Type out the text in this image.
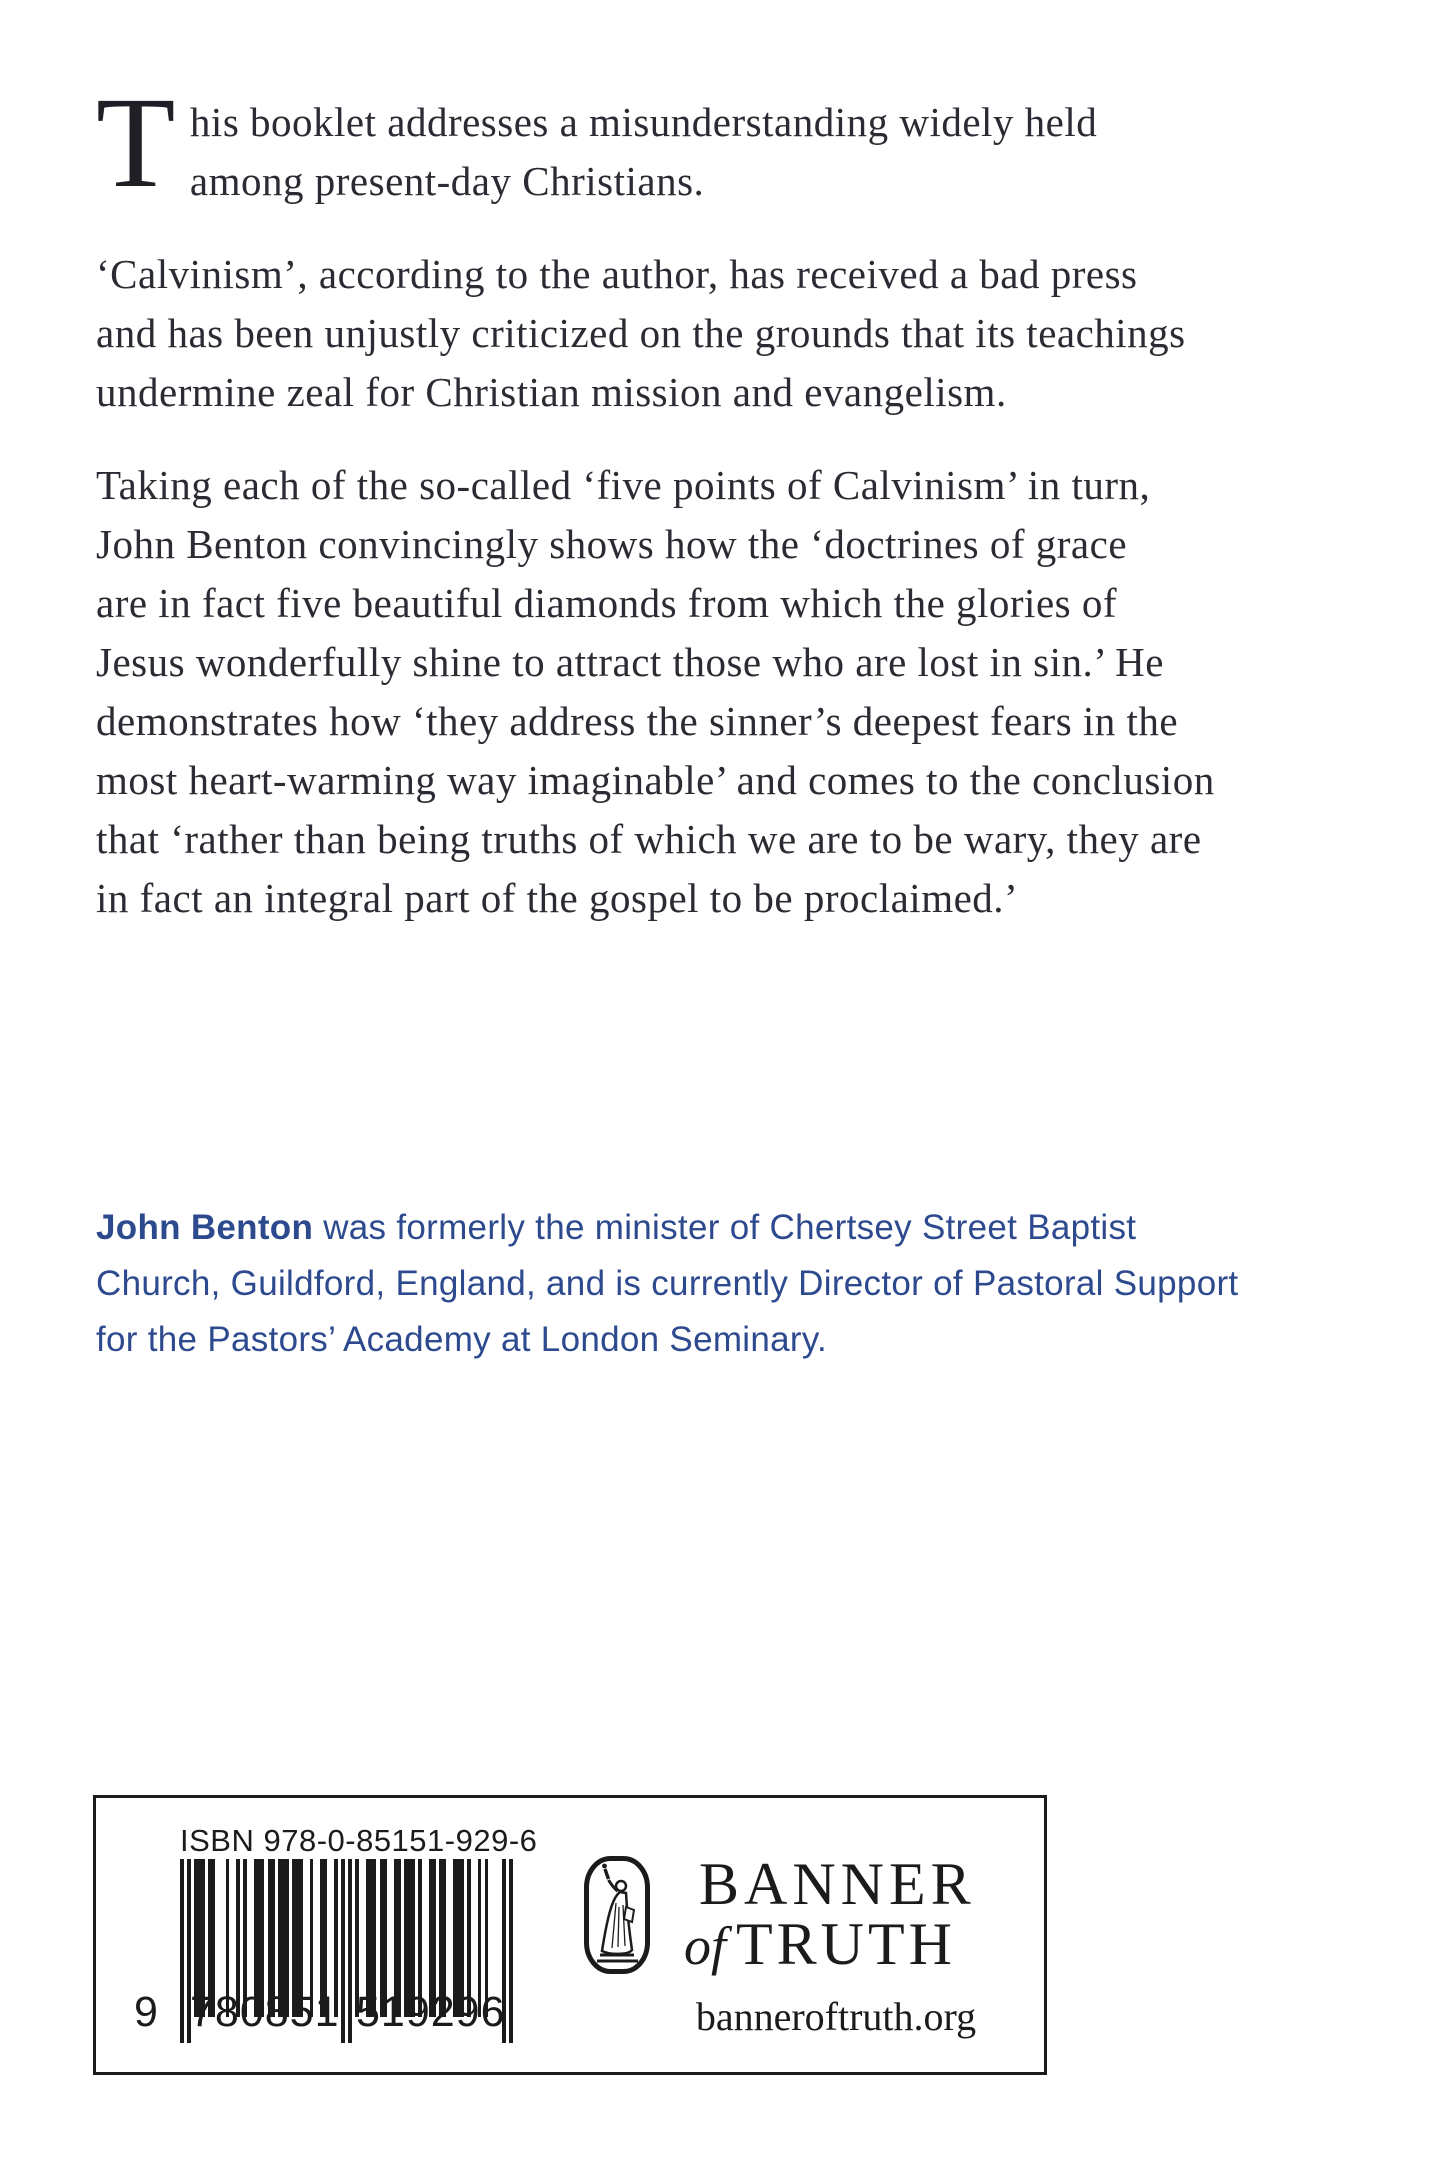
T his booklet addresses a misunderstanding widely held
among present-day Christians.

‘Calvinism’, according to the author, has received a bad press
and has been unjustly criticized on the grounds that its teachings
undermine zeal for Christian mission and evangelism.

Taking each of the so-called ‘five points of Calvinism’ in turn,
John Benton convincingly shows how the ‘doctrines of grace
are in fact five beautiful diamonds from which the glories of
Jesus wonderfully shine to attract those who are lost in sin.’ He
demonstrates how ‘they address the sinner’s deepest fears in the
most heart-warming way imaginable’ and comes to the conclusion
that ‘rather than being truths of which we are to be wary, they are
in fact an integral part of the gospel to be proclaimed.’

John Benton was formerly the minister of Chertsey Street Baptist
Church, Guildford, England, and is currently Director of Pastoral Support
for the Pastors’ Academy at London Seminary.

ISBN 978-0-85151-929-6
9 780851 519296
BANNER
of TRUTH
banneroftruth.org
